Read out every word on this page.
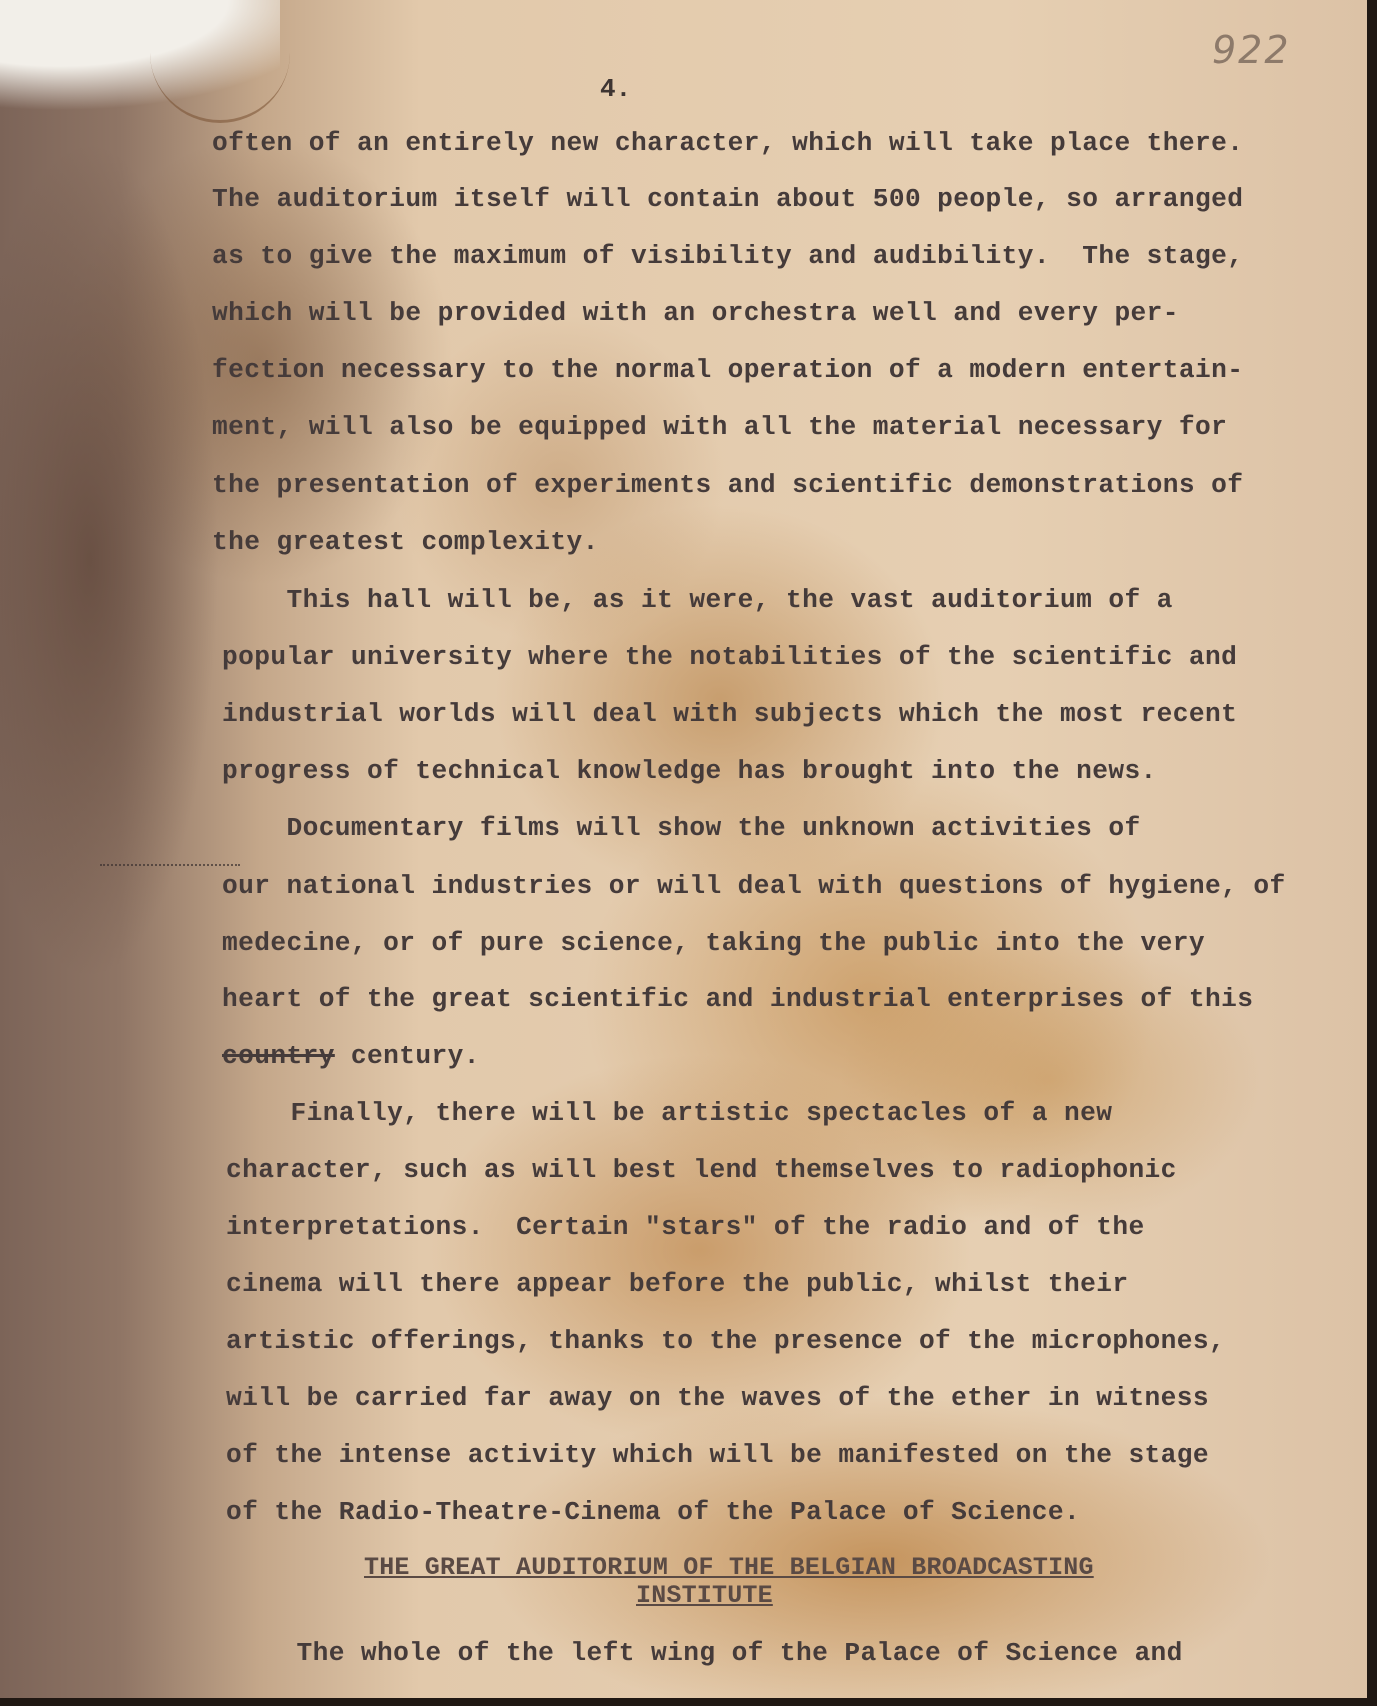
922
4.
often of an entirely new character, which will take place there.
The auditorium itself will contain about 500 people, so arranged
as to give the maximum of visibility and audibility.  The stage,
which will be provided with an orchestra well and every per-
fection necessary to the normal operation of a modern entertain-
ment, will also be equipped with all the material necessary for
the presentation of experiments and scientific demonstrations of
the greatest complexity.
This hall will be, as it were, the vast auditorium of a
popular university where the notabilities of the scientific and
industrial worlds will deal with subjects which the most recent
progress of technical knowledge has brought into the news.
Documentary films will show the unknown activities of
our national industries or will deal with questions of hygiene, of
medecine, or of pure science, taking the public into the very
heart of the great scientific and industrial enterprises of this
country century.
Finally, there will be artistic spectacles of a new
character, such as will best lend themselves to radiophonic
interpretations.  Certain "stars" of the radio and of the
cinema will there appear before the public, whilst their
artistic offerings, thanks to the presence of the microphones,
will be carried far away on the waves of the ether in witness
of the intense activity which will be manifested on the stage
of the Radio-Theatre-Cinema of the Palace of Science.
THE GREAT AUDITORIUM OF THE BELGIAN BROADCASTING
INSTITUTE
The whole of the left wing of the Palace of Science and
